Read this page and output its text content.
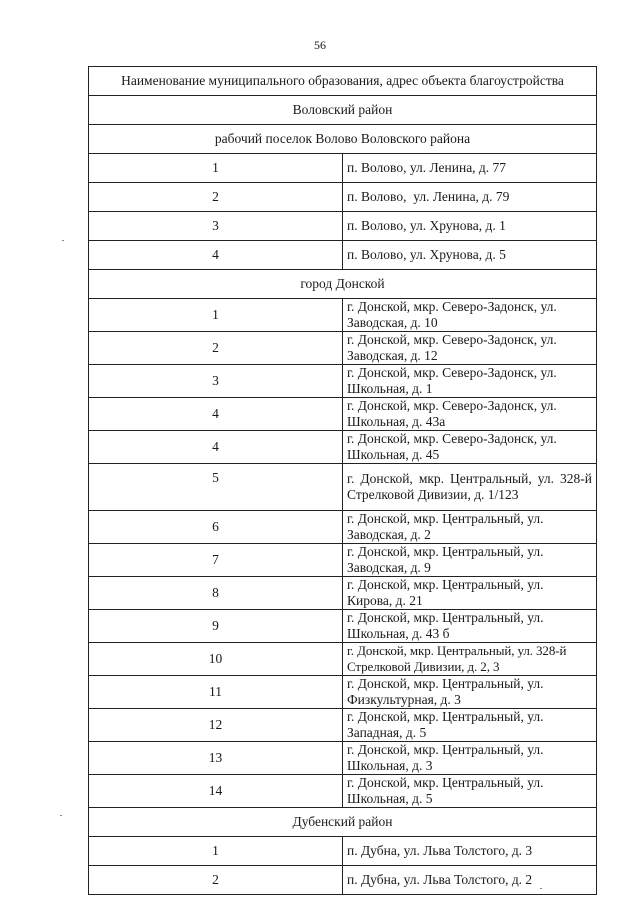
56
Наименование муниципального образования, адрес объекта благоустройства	
Воловский район	
рабочий поселок Волово Воловского района	
1	п. Волово, ул. Ленина, д. 77
2	п. Волово,  ул. Ленина, д. 79
3	п. Волово, ул. Хрунова, д. 1
4	п. Волово, ул. Хрунова, д. 5
город Донской	
1	г. Донской, мкр. Северо-Задонск, ул. Заводская, д. 10
2	г. Донской, мкр. Северо-Задонск, ул. Заводская, д. 12
3	г. Донской, мкр. Северо-Задонск, ул. Школьная, д. 1
4	г. Донской, мкр. Северо-Задонск, ул. Школьная, д. 43а
4	г. Донской, мкр. Северо-Задонск, ул. Школьная, д. 45
5	г. Донской, мкр. Центральный, ул. 328-й Стрелковой Дивизии, д. 1/123
6	г. Донской, мкр. Центральный, ул. Заводская, д. 2
7	г. Донской, мкр. Центральный, ул. Заводская, д. 9
8	г. Донской, мкр. Центральный, ул. Кирова, д. 21
9	г. Донской, мкр. Центральный, ул. Школьная, д. 43 б
10	г. Донской, мкр. Центральный, ул. 328-й Стрелковой Дивизии, д. 2, 3
11	г. Донской, мкр. Центральный, ул. Физкультурная, д. 3
12	г. Донской, мкр. Центральный, ул. Западная, д. 5
13	г. Донской, мкр. Центральный, ул. Школьная, д. 3
14	г. Донской, мкр. Центральный, ул. Школьная, д. 5
Дубенский район	
1	п. Дубна, ул. Льва Толстого, д. 3
2	п. Дубна, ул. Льва Толстого, д. 2
